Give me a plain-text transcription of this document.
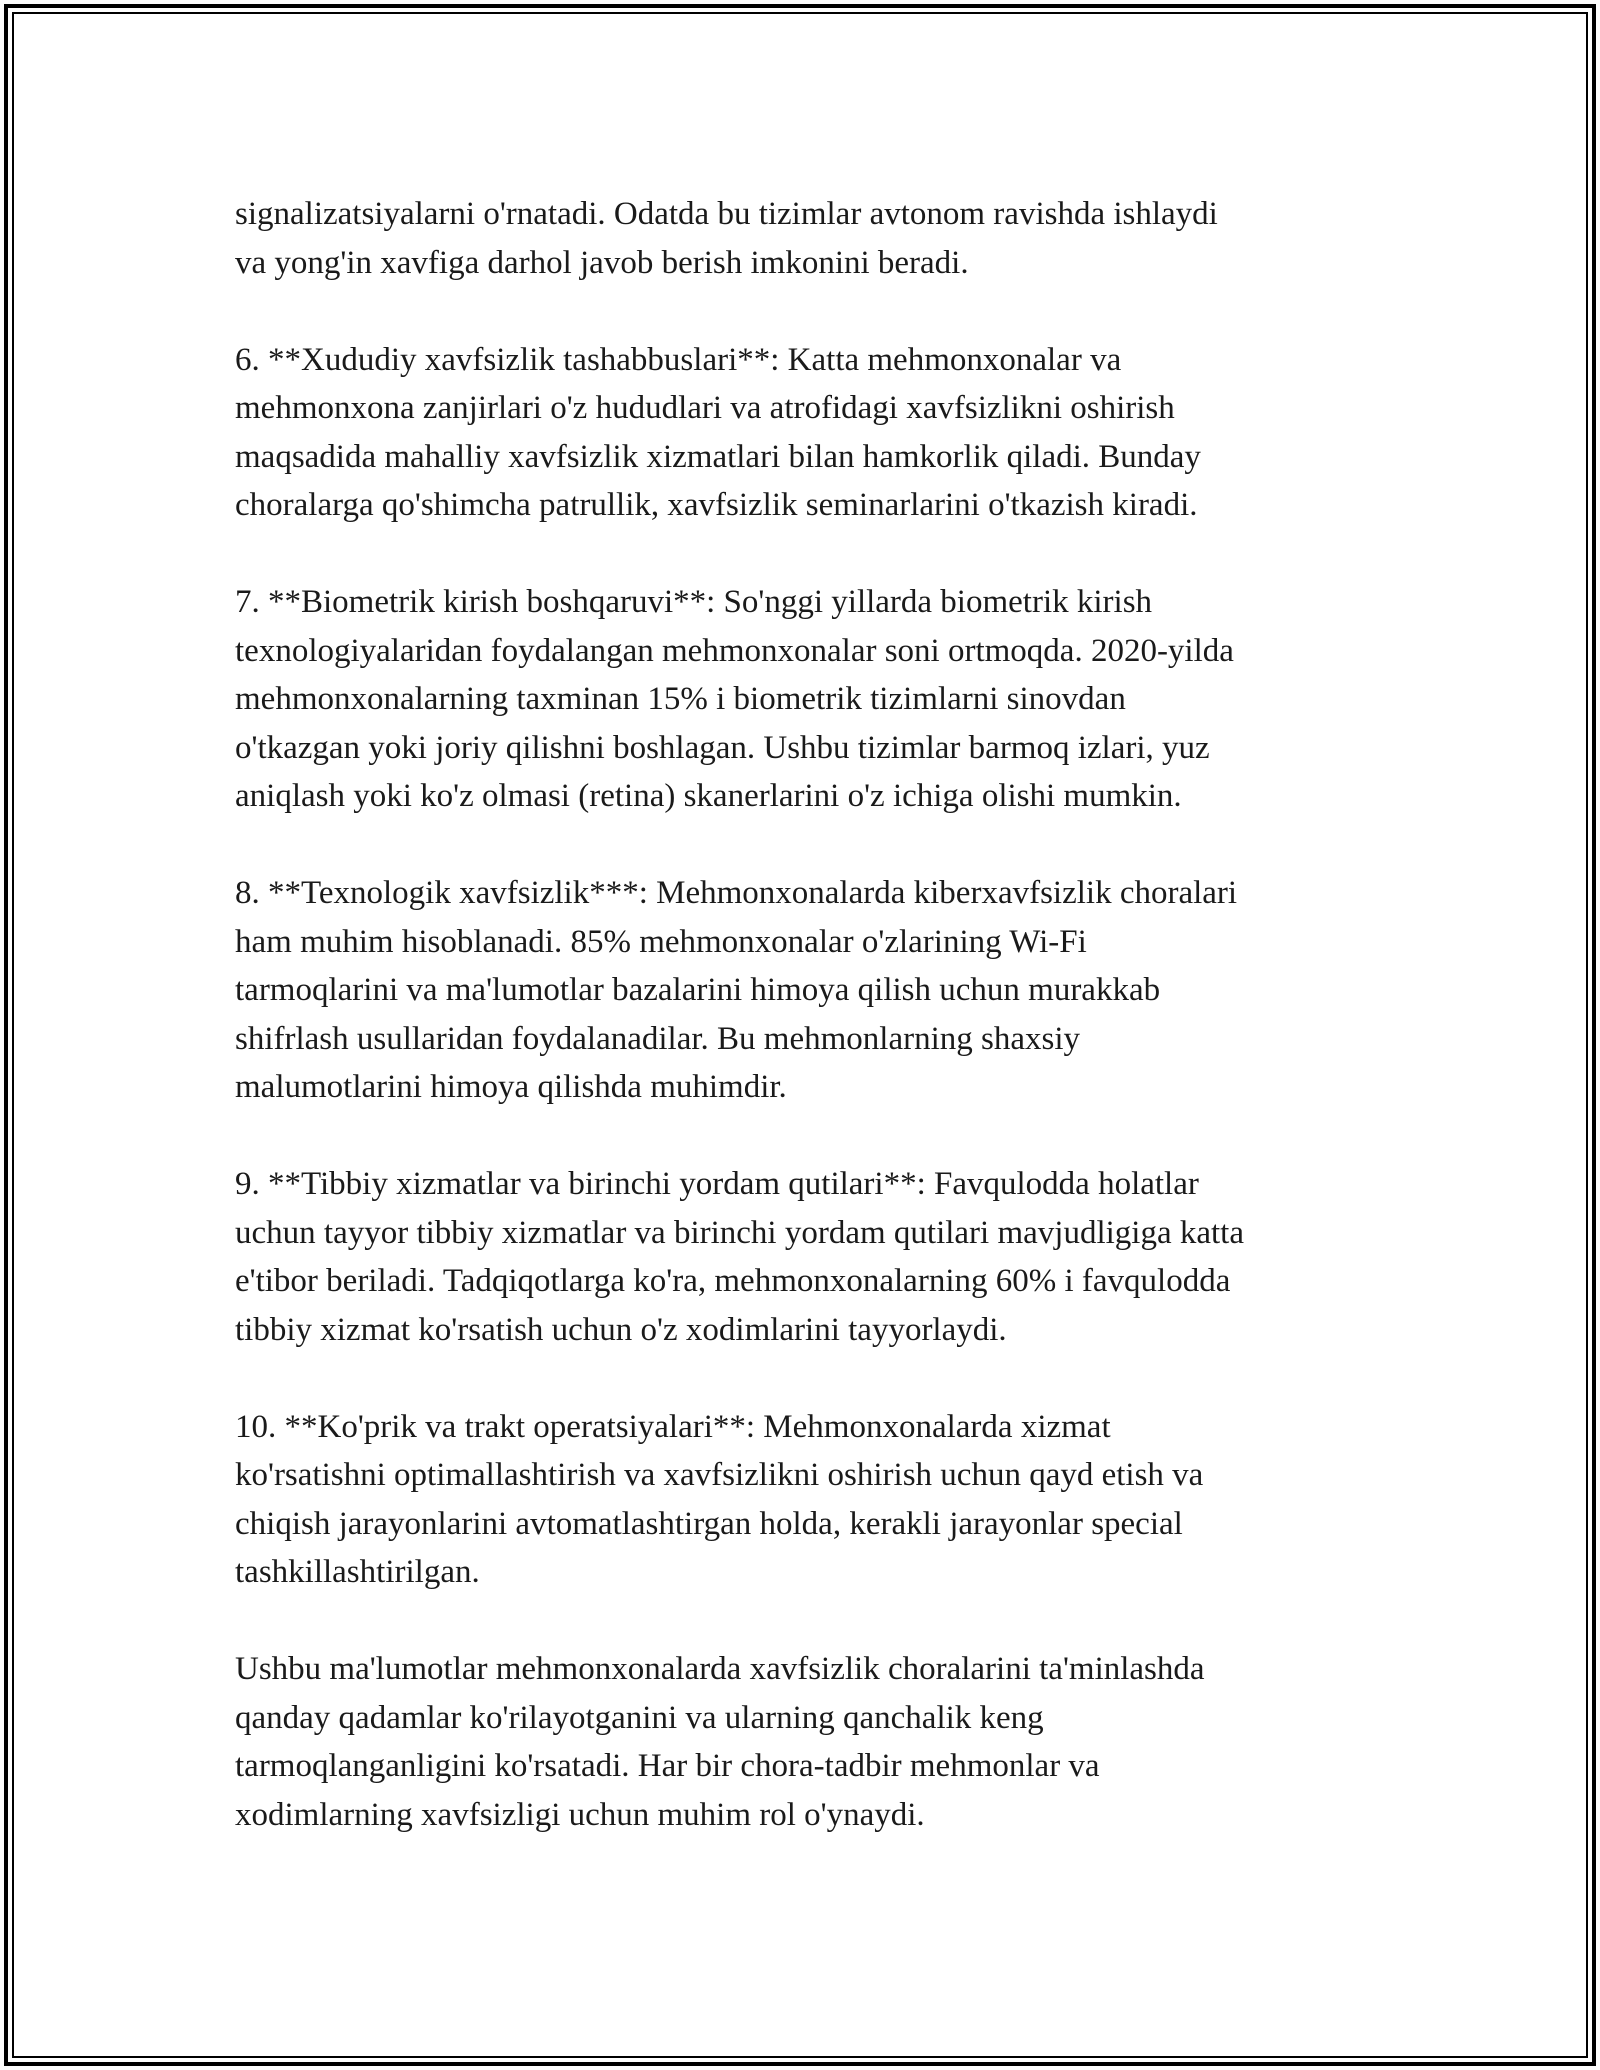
signalizatsiyalarni o'rnatadi. Odatda bu tizimlar avtonom ravishda ishlaydi
va yong'in xavfiga darhol javob berish imkonini beradi.
6. **Xududiy xavfsizlik tashabbuslari**: Katta mehmonxonalar va
mehmonxona zanjirlari o'z hududlari va atrofidagi xavfsizlikni oshirish
maqsadida mahalliy xavfsizlik xizmatlari bilan hamkorlik qiladi. Bunday
choralarga qo'shimcha patrullik, xavfsizlik seminarlarini o'tkazish kiradi.
7. **Biometrik kirish boshqaruvi**: So'nggi yillarda biometrik kirish
texnologiyalaridan foydalangan mehmonxonalar soni ortmoqda. 2020-yilda
mehmonxonalarning taxminan 15% i biometrik tizimlarni sinovdan
o'tkazgan yoki joriy qilishni boshlagan. Ushbu tizimlar barmoq izlari, yuz
aniqlash yoki ko'z olmasi (retina) skanerlarini o'z ichiga olishi mumkin.
8. **Texnologik xavfsizlik***: Mehmonxonalarda kiberxavfsizlik choralari
ham muhim hisoblanadi. 85% mehmonxonalar o'zlarining Wi-Fi
tarmoqlarini va ma'lumotlar bazalarini himoya qilish uchun murakkab
shifrlash usullaridan foydalanadilar. Bu mehmonlarning shaxsiy
malumotlarini himoya qilishda muhimdir.
9. **Tibbiy xizmatlar va birinchi yordam qutilari**: Favqulodda holatlar
uchun tayyor tibbiy xizmatlar va birinchi yordam qutilari mavjudligiga katta
e'tibor beriladi. Tadqiqotlarga ko'ra, mehmonxonalarning 60% i favqulodda
tibbiy xizmat ko'rsatish uchun o'z xodimlarini tayyorlaydi.
10. **Ko'prik va trakt operatsiyalari**: Mehmonxonalarda xizmat
ko'rsatishni optimallashtirish va xavfsizlikni oshirish uchun qayd etish va
chiqish jarayonlarini avtomatlashtirgan holda, kerakli jarayonlar special
tashkillashtirilgan.
Ushbu ma'lumotlar mehmonxonalarda xavfsizlik choralarini ta'minlashda
qanday qadamlar ko'rilayotganini va ularning qanchalik keng
tarmoqlanganligini ko'rsatadi. Har bir chora-tadbir mehmonlar va
xodimlarning xavfsizligi uchun muhim rol o'ynaydi.
